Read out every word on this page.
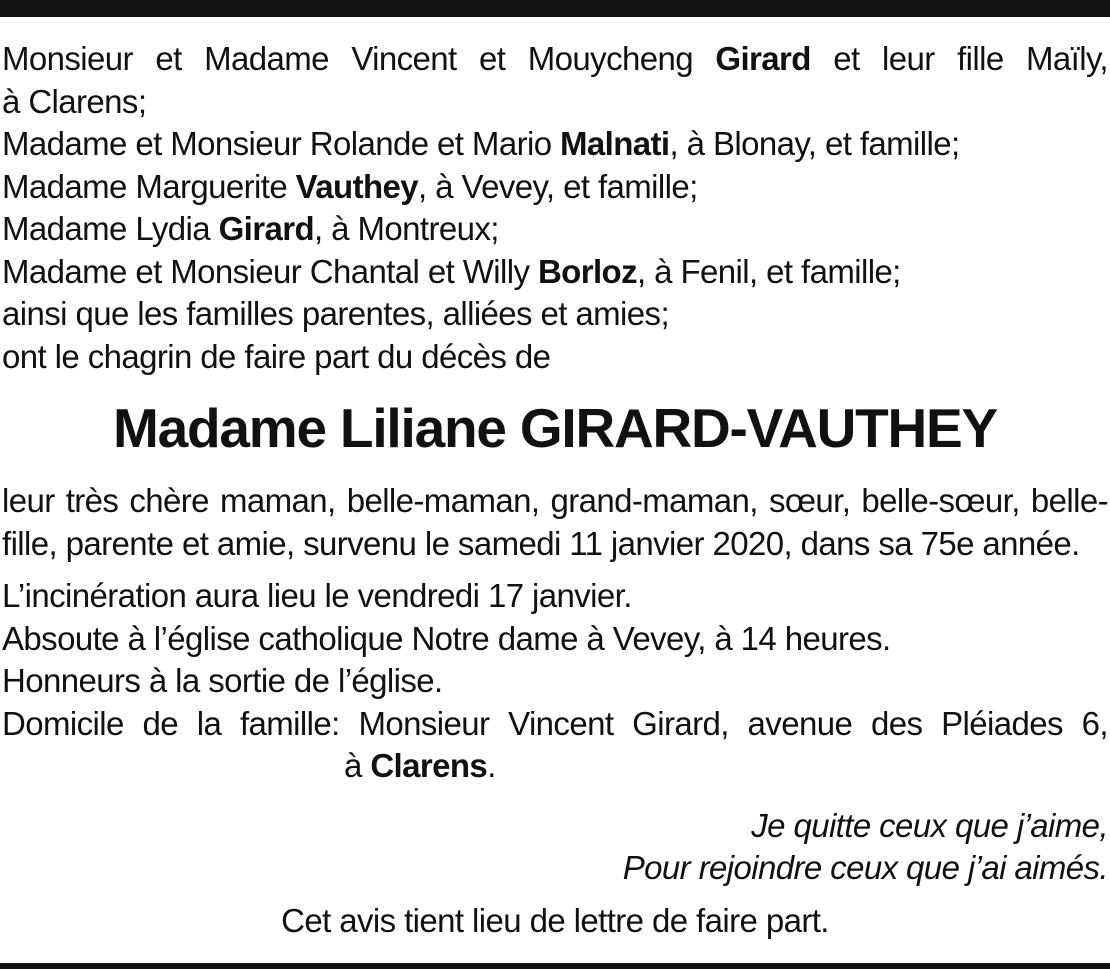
Monsieur et Madame Vincent et Mouycheng Girard et leur fille Maïly,
à Clarens;
Madame et Monsieur Rolande et Mario Malnati, à Blonay, et famille;
Madame Marguerite Vauthey, à Vevey, et famille;
Madame Lydia Girard, à Montreux;
Madame et Monsieur Chantal et Willy Borloz, à Fenil, et famille;
ainsi que les familles parentes, alliées et amies;
ont le chagrin de faire part du décès de
Madame Liliane GIRARD-VAUTHEY
leur très chère maman, belle-maman, grand-maman, sœur, belle-sœur, belle-
fille, parente et amie, survenu le samedi 11 janvier 2020, dans sa 75e année.
L’incinération aura lieu le vendredi 17 janvier.
Absoute à l’église catholique Notre dame à Vevey, à 14 heures.
Honneurs à la sortie de l’église.
Domicile de la famille: Monsieur Vincent Girard, avenue des Pléiades 6,
à Clarens.
Je quitte ceux que j’aime,
Pour rejoindre ceux que j’ai aimés.
Cet avis tient lieu de lettre de faire part.
